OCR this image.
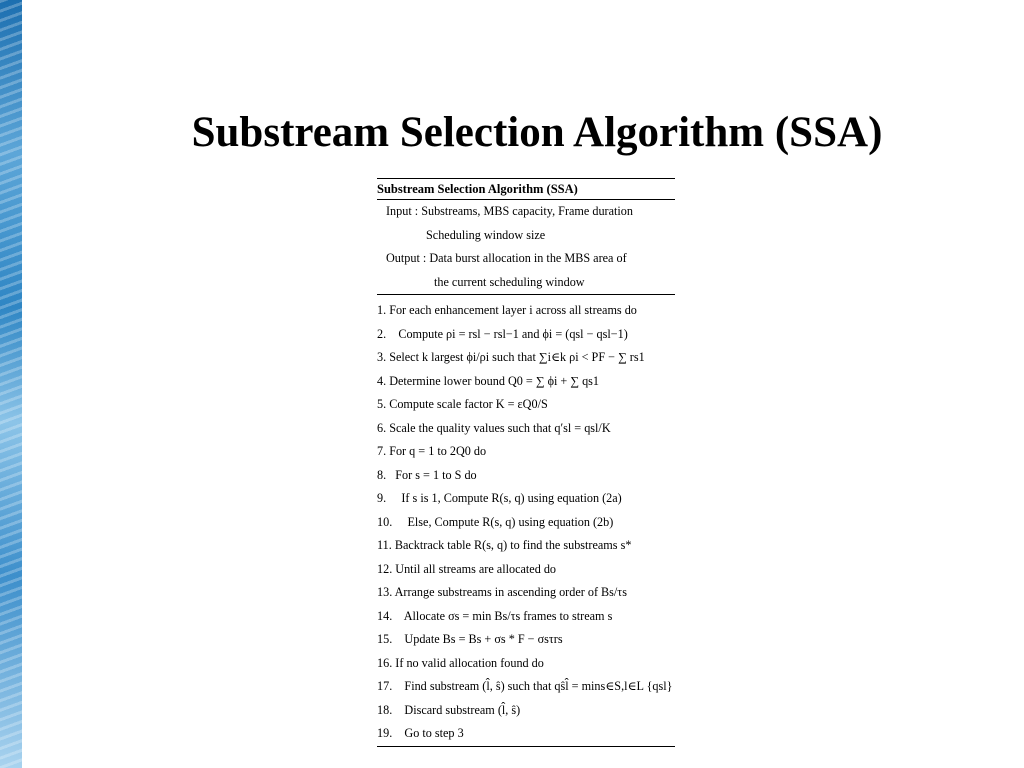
Substream Selection Algorithm (SSA)
Substream Selection Algorithm (SSA)
Input : Substreams, MBS capacity, Frame duration
Scheduling window size
Output : Data burst allocation in the MBS area of
the current scheduling window
1. For each enhancement layer i across all streams do
2.    Compute ρi = rsl − rsl−1 and ϕi = (qsl − qsl−1)
3. Select k largest ϕi/ρi such that ∑i∈k ρi < PF − ∑ rs1
4. Determine lower bound Q0 = ∑ ϕi + ∑ qs1
5. Compute scale factor K = εQ0/S
6. Scale the quality values such that q′sl = qsl/K
7. For q = 1 to 2Q0 do
8.   For s = 1 to S do
9.     If s is 1, Compute R(s, q) using equation (2a)
10.     Else, Compute R(s, q) using equation (2b)
11. Backtrack table R(s, q) to find the substreams s*
12. Until all streams are allocated do
13. Arrange substreams in ascending order of Bs/τs
14.    Allocate σs = min Bs/τs frames to stream s
15.    Update Bs = Bs + σs * F − σsτrs
16. If no valid allocation found do
17.    Find substream (l̂, ŝ) such that qŝl̂ = mins∈S,l∈L {qsl}
18.    Discard substream (l̂, ŝ)
19.    Go to step 3
